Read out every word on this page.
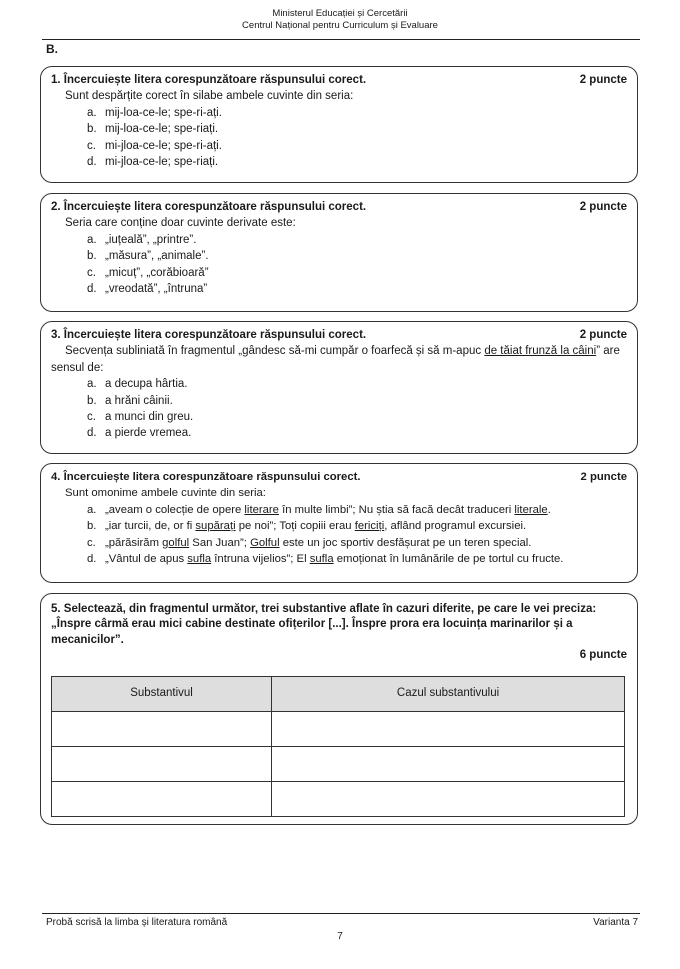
Ministerul Educației și Cercetării
Centrul Național pentru Curriculum și Evaluare
B.
1. Încercuiește litera corespunzătoare răspunsului corect.	2 puncte
Sunt despărțite corect în silabe ambele cuvinte din seria:
a. mij-loa-ce-le; spe-ri-ați.
b. mij-loa-ce-le; spe-riați.
c. mi-jloa-ce-le; spe-ri-ați.
d. mi-jloa-ce-le; spe-riați.
2. Încercuiește litera corespunzătoare răspunsului corect.	2 puncte
Seria care conține doar cuvinte derivate este:
a. „iuțeală”, „printre”.
b. „măsura”, „animale”.
c. „micuț”, „corăbioară”
d. „vreodată”, „întruna”
3. Încercuiește litera corespunzătoare răspunsului corect.	2 puncte
Secvența subliniată în fragmentul „gândesc să-mi cumpăr o foarfecă și să m-apuc de tăiat frunză la câini” are sensul de:
a. a decupa hârtia.
b. a hrăni câinii.
c. a munci din greu.
d. a pierde vremea.
4. Încercuiește litera corespunzătoare răspunsului corect.	2 puncte
Sunt omonime ambele cuvinte din seria:
a. „aveam o colecție de opere literare în multe limbi”; Nu știa să facă decât traduceri literale.
b. „iar turcii, de, or fi supărați pe noi”; Toți copiii erau fericiți, aflând programul excursiei.
c. „părăsirăm golful San Juan”; Golful este un joc sportiv desfășurat pe un teren special.
d. „Vântul de apus sufla întruna vijelios”; El sufla emoționat în lumânările de pe tortul cu fructe.
5. Selectează, din fragmentul următor, trei substantive aflate în cazuri diferite, pe care le vei preciza: „Înspre cârmă erau mici cabine destinate ofițerilor [...]. Înspre prora era locuința marinarilor și a mecanicilor”.
6 puncte
Substantivul	Cazul substantivului

Probă scrisă la limba și literatura română	Varianta 7
7
